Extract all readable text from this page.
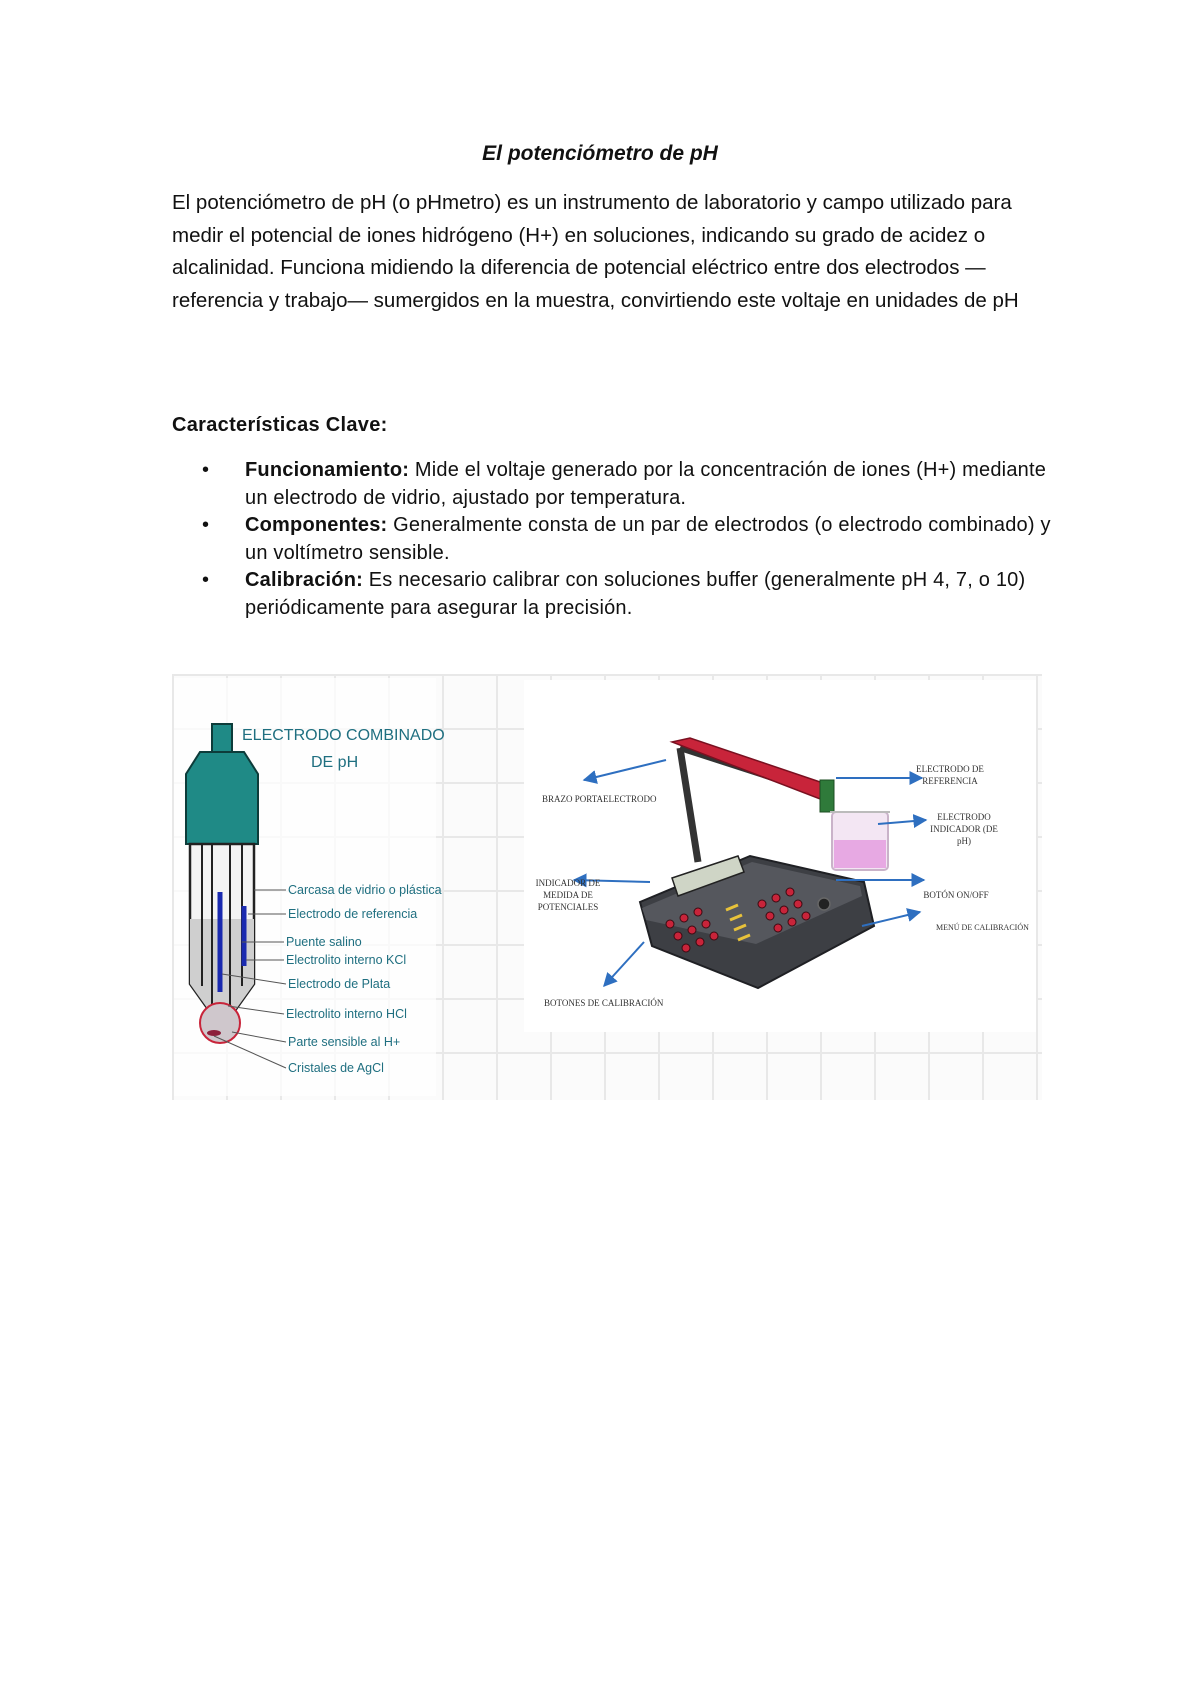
El potenciómetro de pH

El potenciómetro de pH (o pHmetro) es un instrumento de laboratorio y campo utilizado para medir el potencial de iones hidrógeno (H+) en soluciones, indicando su grado de acidez o alcalinidad. Funciona midiendo la diferencia de potencial eléctrico entre dos electrodos —referencia y trabajo— sumergidos en la muestra, convirtiendo este voltaje en unidades de pH

Características Clave:
• Funcionamiento: Mide el voltaje generado por la concentración de iones (H+) mediante un electrodo de vidrio, ajustado por temperatura.
• Componentes: Generalmente consta de un par de electrodos (o electrodo combinado) y un voltímetro sensible.
• Calibración: Es necesario calibrar con soluciones buffer (generalmente pH 4, 7, o 10) periódicamente para asegurar la precisión.
ELECTRODO COMBINADO
DE pH
Carcasa de vidrio o plástica
Electrodo de referencia
Puente salino
Electrolito interno KCl
Electrodo de Plata
Electrolito interno HCl
Parte sensible al H+
Cristales de AgCl
BRAZO PORTAELECTRODO
ELECTRODO DE
REFERENCIA
ELECTRODO
INDICADOR (DE
pH)
INDICADOR DE
MEDIDA DE
POTENCIALES
BOTÓN ON/OFF
MENÚ DE CALIBRACIÓN
BOTONES DE CALIBRACIÓN
